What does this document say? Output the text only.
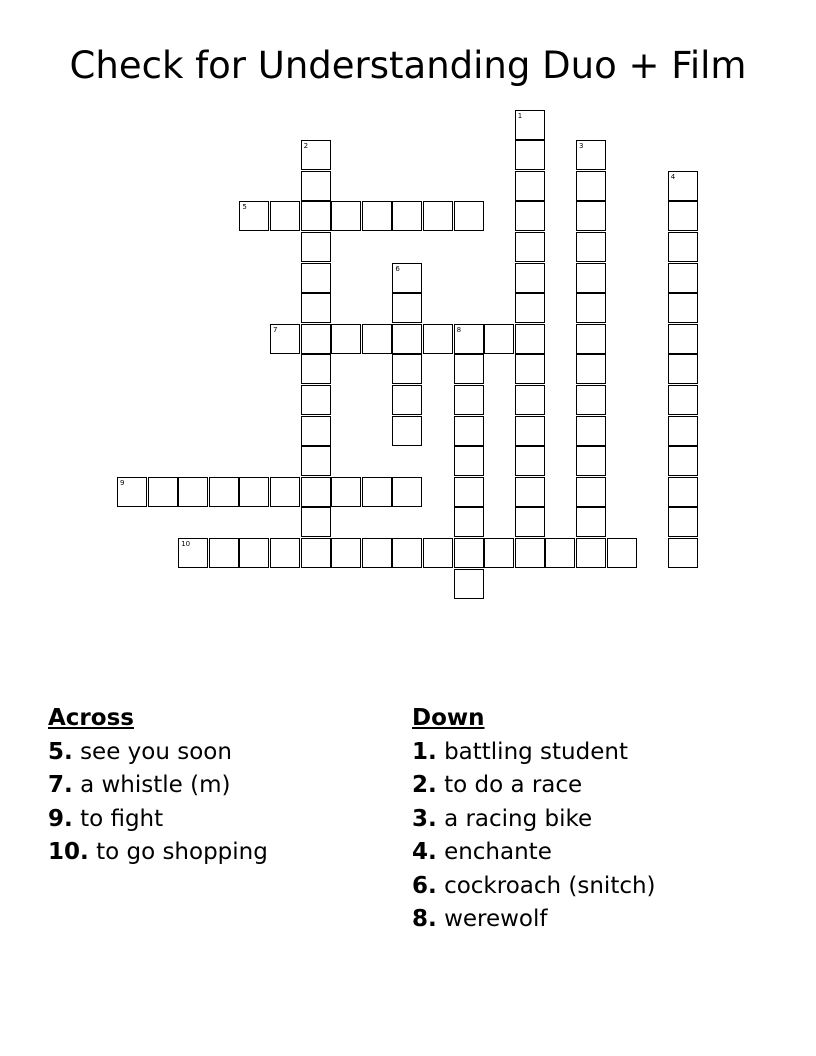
Check for Understanding Duo + Film
1
2	3
4
5
6
7	8
9
10
Across
5. see you soon
7. a whistle (m)
9. to fight
10. to go shopping
Down
1. battling student
2. to do a race
3. a racing bike
4. enchante
6. cockroach (snitch)
8. werewolf
